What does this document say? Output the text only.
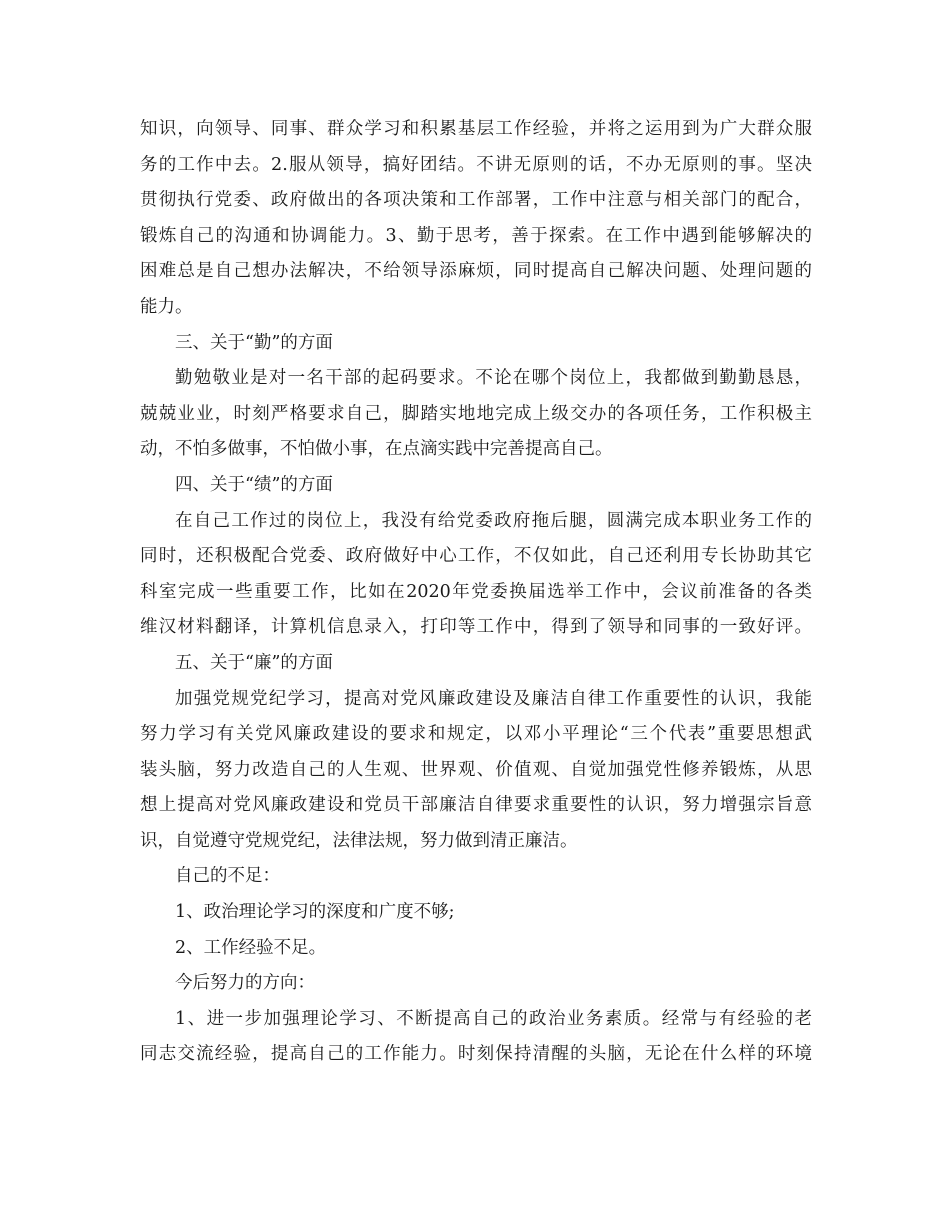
知识，向领导、同事、群众学习和积累基层工作经验，并将之运用到为广大群众服
务的工作中去。2.服从领导，搞好团结。不讲无原则的话，不办无原则的事。坚决
贯彻执行党委、政府做出的各项决策和工作部署，工作中注意与相关部门的配合，
锻炼自己的沟通和协调能力。3、勤于思考，善于探索。在工作中遇到能够解决的
困难总是自己想办法解决，不给领导添麻烦，同时提高自己解决问题、处理问题的
能力。
三、关于“勤”的方面
勤勉敬业是对一名干部的起码要求。不论在哪个岗位上，我都做到勤勤恳恳，
兢兢业业，时刻严格要求自己，脚踏实地地完成上级交办的各项任务，工作积极主
动，不怕多做事，不怕做小事，在点滴实践中完善提高自己。
四、关于“绩”的方面
在自己工作过的岗位上，我没有给党委政府拖后腿，圆满完成本职业务工作的
同时，还积极配合党委、政府做好中心工作，不仅如此，自己还利用专长协助其它
科室完成一些重要工作，比如在2020年党委换届选举工作中，会议前准备的各类
维汉材料翻译，计算机信息录入，打印等工作中，得到了领导和同事的一致好评。
五、关于“廉”的方面
加强党规党纪学习，提高对党风廉政建设及廉洁自律工作重要性的认识，我能
努力学习有关党风廉政建设的要求和规定，以邓小平理论“三个代表”重要思想武
装头脑，努力改造自己的人生观、世界观、价值观、自觉加强党性修养锻炼，从思
想上提高对党风廉政建设和党员干部廉洁自律要求重要性的认识，努力增强宗旨意
识，自觉遵守党规党纪，法律法规，努力做到清正廉洁。
自己的不足：
1、政治理论学习的深度和广度不够;
2、工作经验不足。
今后努力的方向：
1、进一步加强理论学习、不断提高自己的政治业务素质。经常与有经验的老
同志交流经验，提高自己的工作能力。时刻保持清醒的头脑，无论在什么样的环境
